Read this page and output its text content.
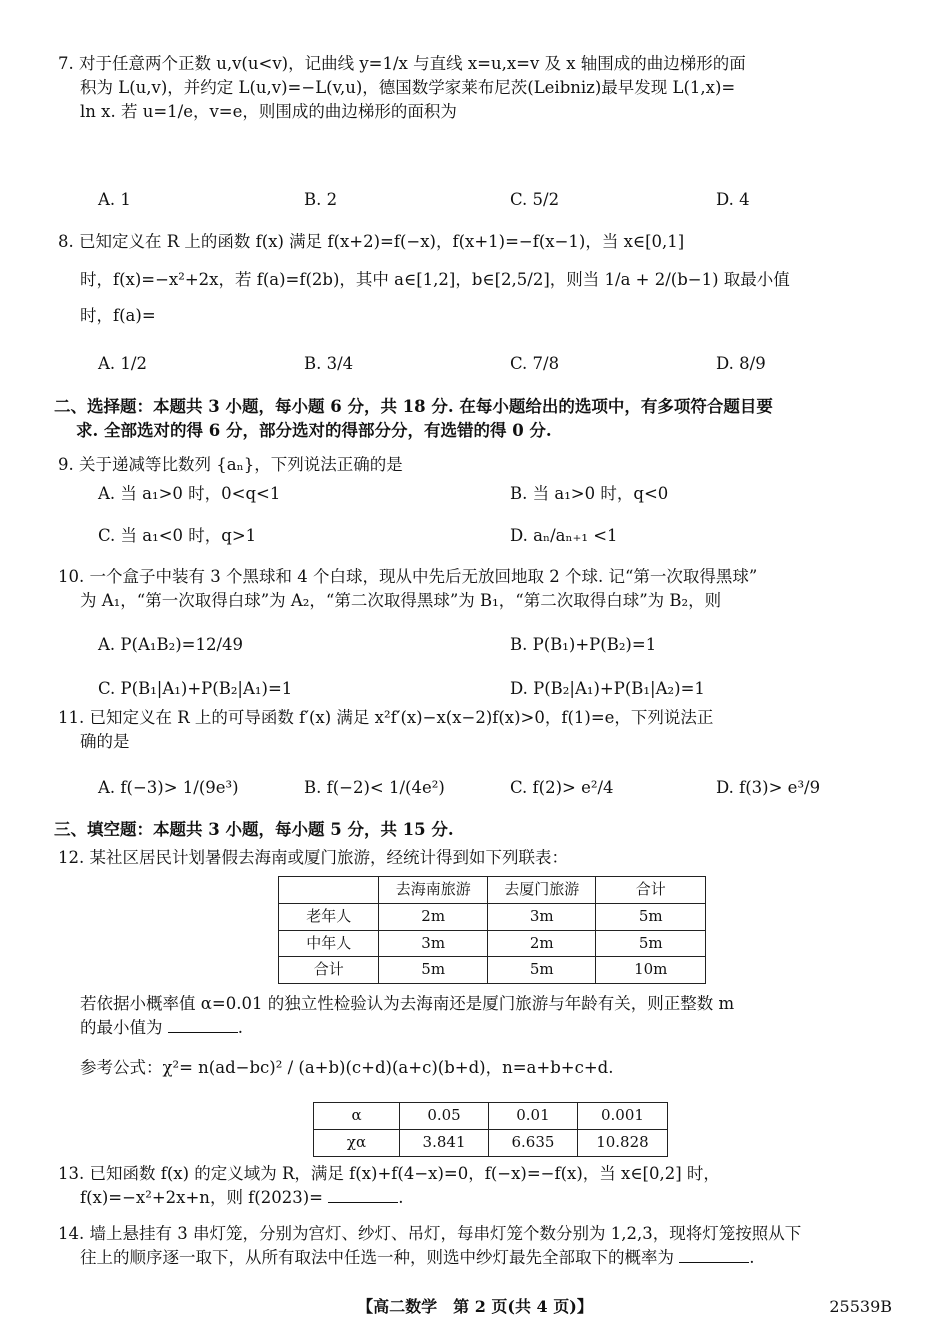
7. 对于任意两个正数 u,v(u<v)，记曲线 y=1/x 与直线 x=u,x=v 及 x 轴围成的曲边梯形的面
积为 L(u,v)，并约定 L(u,v)=−L(v,u)，德国数学家莱布尼茨(Leibniz)最早发现 L(1,x)=
ln x. 若 u=1/e，v=e，则围成的曲边梯形的面积为
A. 1	B. 2	C. 5/2	D. 4
8. 已知定义在 R 上的函数 f(x) 满足 f(x+2)=f(−x)，f(x+1)=−f(x−1)，当 x∈[0,1]
时，f(x)=−x²+2x，若 f(a)=f(2b)，其中 a∈[1,2]，b∈[2,5/2]，则当 1/a + 2/(b−1) 取最小值
时，f(a)=
A. 1/2	B. 3/4	C. 7/8	D. 8/9
二、选择题：本题共 3 小题，每小题 6 分，共 18 分. 在每小题给出的选项中，有多项符合题目要
求. 全部选对的得 6 分，部分选对的得部分分，有选错的得 0 分.
9. 关于递减等比数列 {aₙ}，下列说法正确的是
A. 当 a₁>0 时，0<q<1	B. 当 a₁>0 时，q<0
C. 当 a₁<0 时，q>1	D. aₙ/aₙ₊₁ <1
10. 一个盒子中装有 3 个黑球和 4 个白球，现从中先后无放回地取 2 个球. 记“第一次取得黑球”
为 A₁，“第一次取得白球”为 A₂，“第二次取得黑球”为 B₁，“第二次取得白球”为 B₂，则
A. P(A₁B₂)=12/49	B. P(B₁)+P(B₂)=1
C. P(B₁|A₁)+P(B₂|A₁)=1	D. P(B₂|A₁)+P(B₁|A₂)=1
11. 已知定义在 R 上的可导函数 f′(x) 满足 x²f′(x)−x(x−2)f(x)>0，f(1)=e，下列说法正
确的是
A. f(−3)> 1/(9e³)	B. f(−2)< 1/(4e²)	C. f(2)> e²/4	D. f(3)> e³/9
三、填空题：本题共 3 小题，每小题 5 分，共 15 分.
12. 某社区居民计划暑假去海南或厦门旅游，经统计得到如下列联表：
	去海南旅游	去厦门旅游	合计
老年人	2m	3m	5m
中年人	3m	2m	5m
合计	5m	5m	10m
若依据小概率值 α=0.01 的独立性检验认为去海南还是厦门旅游与年龄有关，则正整数 m
的最小值为	.
参考公式：χ²= n(ad−bc)² / (a+b)(c+d)(a+c)(b+d)，n=a+b+c+d.
α	0.05	0.01	0.001
χα	3.841	6.635	10.828
13. 已知函数 f(x) 的定义域为 R，满足 f(x)+f(4−x)=0，f(−x)=−f(x)，当 x∈[0,2] 时，
f(x)=−x²+2x+n，则 f(2023)=	.
14. 墙上悬挂有 3 串灯笼，分别为宫灯、纱灯、吊灯，每串灯笼个数分别为 1,2,3，现将灯笼按照从下
往上的顺序逐一取下，从所有取法中任选一种，则选中纱灯最先全部取下的概率为	.
【高二数学　第 2 页(共 4 页)】	25539B
